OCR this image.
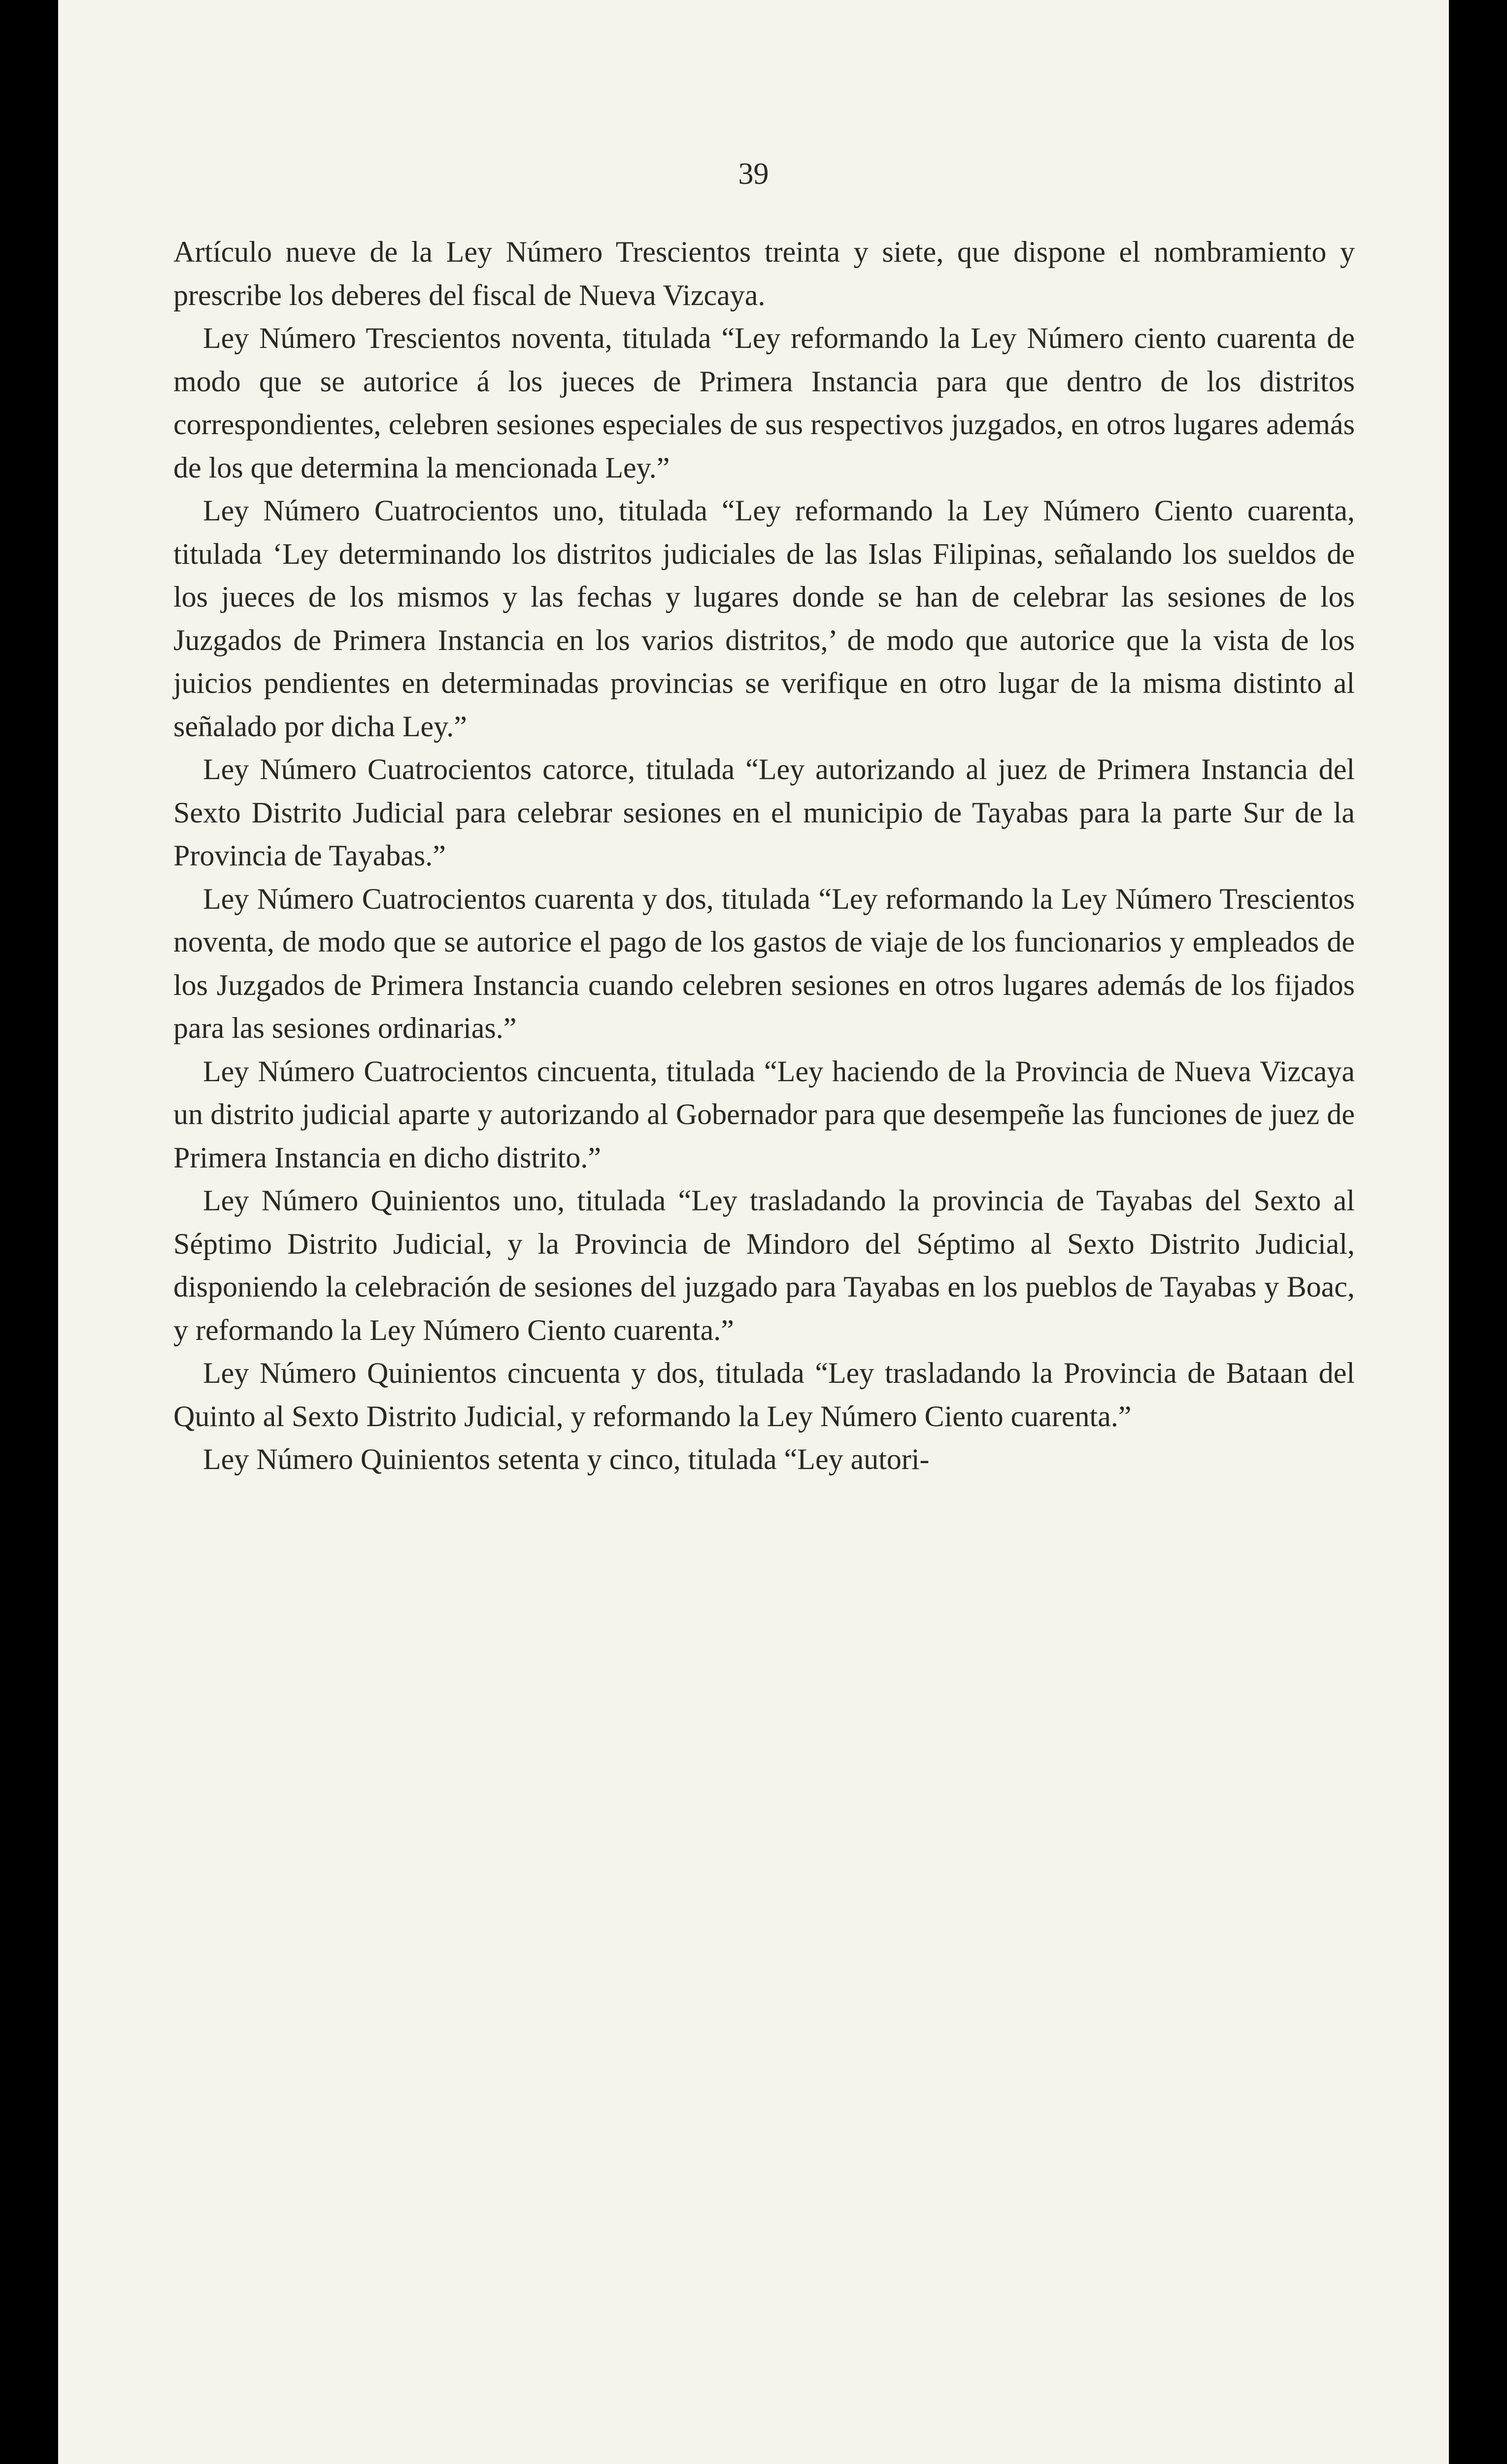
39

Artículo nueve de la Ley Número Trescientos treinta y siete, que dispone el nombramiento y prescribe los deberes del fiscal de Nueva Vizcaya.

Ley Número Trescientos noventa, titulada “Ley reformando la Ley Número ciento cuarenta de modo que se autorice á los jueces de Primera Instancia para que dentro de los distritos correspondientes, celebren sesiones especiales de sus respectivos juzgados, en otros lugares además de los que determina la mencionada Ley.”

Ley Número Cuatrocientos uno, titulada “Ley reformando la Ley Número Ciento cuarenta, titulada ‘Ley determinando los distritos judiciales de las Islas Filipinas, señalando los sueldos de los jueces de los mismos y las fechas y lugares donde se han de celebrar las sesiones de los Juzgados de Primera Instancia en los varios distritos,’ de modo que autorice que la vista de los juicios pendientes en determinadas provincias se verifique en otro lugar de la misma distinto al señalado por dicha Ley.”

Ley Número Cuatrocientos catorce, titulada “Ley autorizando al juez de Primera Instancia del Sexto Distrito Judicial para celebrar sesiones en el municipio de Tayabas para la parte Sur de la Provincia de Tayabas.”

Ley Número Cuatrocientos cuarenta y dos, titulada “Ley reformando la Ley Número Trescientos noventa, de modo que se autorice el pago de los gastos de viaje de los funcionarios y empleados de los Juzgados de Primera Instancia cuando celebren sesiones en otros lugares además de los fijados para las sesiones ordinarias.”

Ley Número Cuatrocientos cincuenta, titulada “Ley haciendo de la Provincia de Nueva Vizcaya un distrito judicial aparte y autorizando al Gobernador para que desempeñe las funciones de juez de Primera Instancia en dicho distrito.”

Ley Número Quinientos uno, titulada “Ley trasladando la provincia de Tayabas del Sexto al Séptimo Distrito Judicial, y la Provincia de Mindoro del Séptimo al Sexto Distrito Judicial, disponiendo la celebración de sesiones del juzgado para Tayabas en los pueblos de Tayabas y Boac, y reformando la Ley Número Ciento cuarenta.”

Ley Número Quinientos cincuenta y dos, titulada “Ley trasladando la Provincia de Bataan del Quinto al Sexto Distrito Judicial, y reformando la Ley Número Ciento cuarenta.”

Ley Número Quinientos setenta y cinco, titulada “Ley autori-
